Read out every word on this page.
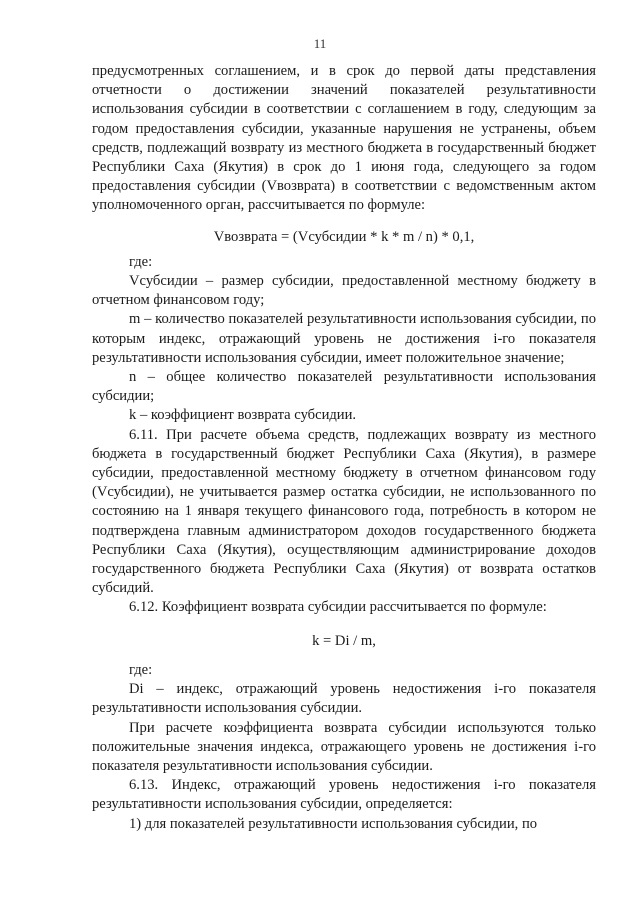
11

предусмотренных соглашением, и в срок до первой даты представления отчетности о достижении значений показателей результативности использования субсидии в соответствии с соглашением в году, следующим за годом предоставления субсидии, указанные нарушения не устранены, объем средств, подлежащий возврату из местного бюджета в государственный бюджет Республики Саха (Якутия) в срок до 1 июня года, следующего за годом предоставления субсидии (Vвозврата) в соответствии с ведомственным актом уполномоченного орган, рассчитывается по формуле:

Vвозврата = (Vсубсидии * k * m / n) * 0,1,

где:

Vсубсидии – размер субсидии, предоставленной местному бюджету в отчетном финансовом году;

m – количество показателей результативности использования субсидии, по которым индекс, отражающий уровень не достижения i-го показателя результативности использования субсидии, имеет положительное значение;

n – общее количество показателей результативности использования субсидии;

k – коэффициент возврата субсидии.

6.11. При расчете объема средств, подлежащих возврату из местного бюджета в государственный бюджет Республики Саха (Якутия), в размере субсидии, предоставленной местному бюджету в отчетном финансовом году (Vсубсидии), не учитывается размер остатка субсидии, не использованного по состоянию на 1 января текущего финансового года, потребность в котором не подтверждена главным администратором доходов государственного бюджета Республики Саха (Якутия), осуществляющим администрирование доходов государственного бюджета Республики Саха (Якутия) от возврата остатков субсидий.

6.12. Коэффициент возврата субсидии рассчитывается по формуле:

k = Di / m,

где:

Di – индекс, отражающий уровень недостижения i-го показателя результативности использования субсидии.

При расчете коэффициента возврата субсидии используются только положительные значения индекса, отражающего уровень не достижения i-го показателя результативности использования субсидии.

6.13. Индекс, отражающий уровень недостижения i-го показателя результативности использования субсидии, определяется:

1) для показателей результативности использования субсидии, по
